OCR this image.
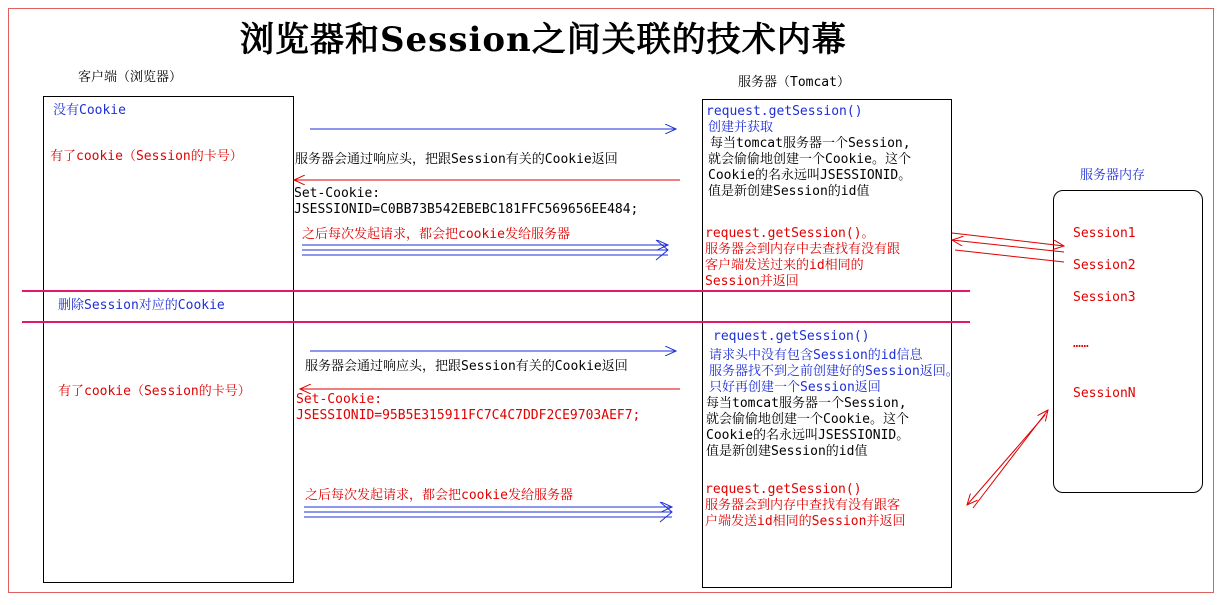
浏览器和Session之间关联的技术内幕
客户端（浏览器）	服务器（Tomcat）
服务器内存
没有Cookie
有了cookie（Session的卡号）
删除Session对应的Cookie
有了cookie（Session的卡号）
服务器会通过响应头，把跟Session有关的Cookie返回
Set-Cookie:
JSESSIONID=C0BB73B542EBEBC181FFC569656EE484;
之后每次发起请求，都会把cookie发给服务器
服务器会通过响应头，把跟Session有关的Cookie返回
Set-Cookie:
JSESSIONID=95B5E315911FC7C4C7DDF2CE9703AEF7;
之后每次发起请求，都会把cookie发给服务器
request.getSession()
创建并获取
每当tomcat服务器一个Session,
就会偷偷地创建一个Cookie。这个
Cookie的名永远叫JSESSIONID。
值是新创建Session的id值
request.getSession()。
服务器会到内存中去查找有没有跟
客户端发送过来的id相同的
Session并返回
request.getSession()
请求头中没有包含Session的id信息
服务器找不到之前创建好的Session返回。
只好再创建一个Session返回
每当tomcat服务器一个Session,
就会偷偷地创建一个Cookie。这个
Cookie的名永远叫JSESSIONID。
值是新创建Session的id值
request.getSession()
服务器会到内存中查找有没有跟客
户端发送id相同的Session并返回
Session1
Session2
Session3
……
SessionN
